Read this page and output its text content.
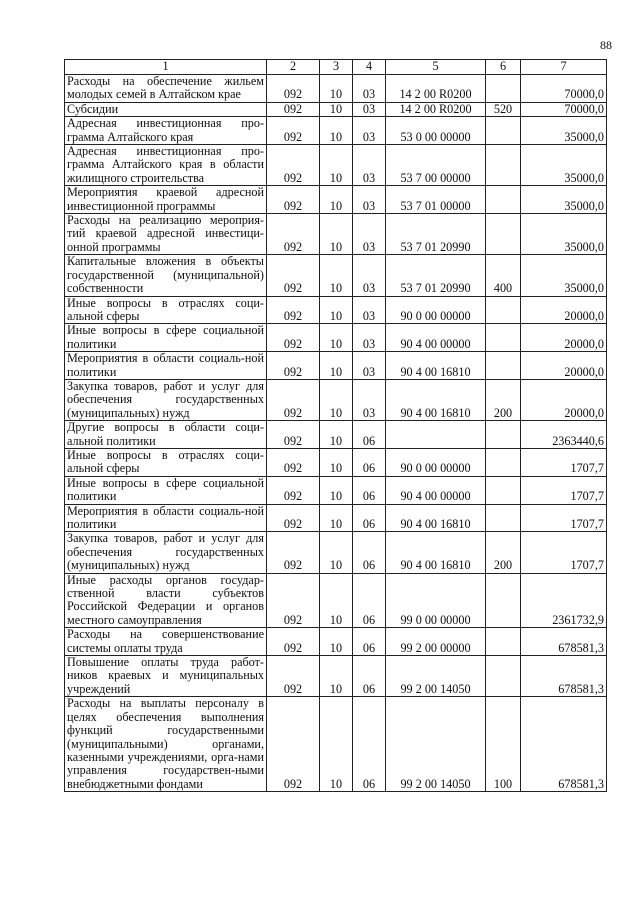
88
1	2	3	4	5	6	7
Расходы на обеспечение жильем молодых семей в Алтайском крае	092	10	03	14 2 00 R0200		70000,0
Субсидии	092	10	03	14 2 00 R0200	520	70000,0
Адресная инвестиционная про-грамма Алтайского края	092	10	03	53 0 00 00000		35000,0
Адресная инвестиционная про-грамма Алтайского края в области жилищного строительства	092	10	03	53 7 00 00000		35000,0
Мероприятия краевой адресной инвестиционной программы	092	10	03	53 7 01 00000		35000,0
Расходы на реализацию мероприя-тий краевой адресной инвестици-онной программы	092	10	03	53 7 01 20990		35000,0
Капитальные вложения в объекты государственной (муниципальной) собственности	092	10	03	53 7 01 20990	400	35000,0
Иные вопросы в отраслях соци-альной сферы	092	10	03	90 0 00 00000		20000,0
Иные вопросы в сфере социальной политики	092	10	03	90 4 00 00000		20000,0
Мероприятия в области социаль-ной политики	092	10	03	90 4 00 16810		20000,0
Закупка товаров, работ и услуг для обеспечения государственных (муниципальных) нужд	092	10	03	90 4 00 16810	200	20000,0
Другие вопросы в области соци-альной политики	092	10	06			2363440,6
Иные вопросы в отраслях соци-альной сферы	092	10	06	90 0 00 00000		1707,7
Иные вопросы в сфере социальной политики	092	10	06	90 4 00 00000		1707,7
Мероприятия в области социаль-ной политики	092	10	06	90 4 00 16810		1707,7
Закупка товаров, работ и услуг для обеспечения государственных (муниципальных) нужд	092	10	06	90 4 00 16810	200	1707,7
Иные расходы органов государ-ственной власти субъектов Российской Федерации и органов местного самоуправления	092	10	06	99 0 00 00000		2361732,9
Расходы на совершенствование системы оплаты труда	092	10	06	99 2 00 00000		678581,3
Повышение оплаты труда работ-ников краевых и муниципальных учреждений	092	10	06	99 2 00 14050		678581,3
Расходы на выплаты персоналу в целях обеспечения выполнения функций государственными (муниципальными) органами, казенными учреждениями, орга-нами управления государствен-ными внебюджетными фондами	092	10	06	99 2 00 14050	100	678581,3
